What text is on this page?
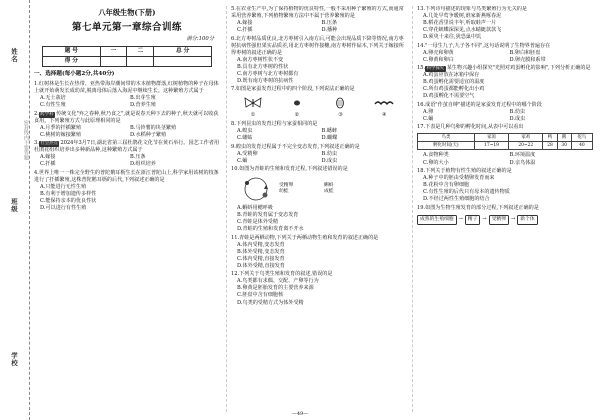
姓名
班级
学校
密封线内不要答题
八年级生物(下册)
第七单元第一章综合训练
满分:100分
题 号	一	二	总 分
得 分			
一、选择题(每小题2分,共40分)
1.红树林是生长在热带、亚热带海岸潮间带的木本植物群落,红树植物的种子在母体上就开始萌发长成幼苗,脱离母体后落入海泥中继续生长。这种繁殖方式属于
A.无土栽培	B.出芽生殖
C.有性生殖	D.营养生殖
2. 跨学科 传统文化"弃之春种,秋乃食之",就是说春天种下去的种子,秋天就可以收获食用。下列繁殖方式与此原理相同的是
A.月季的扦插繁殖	B.马铃薯的块茎繁殖
C.桃树的嫁接繁殖	D.水稻种子繁殖
3. 社会热点 2024年3月7日,湖北省第三届杜鹃花文化节在黄石举行。园艺工作者用杜鹃花组织培养出多种新品种,这种繁殖方式属于
A.嫁接	B.压条
C.扦插	D.组织培养
4.世界上唯一一株完全野生的普陀鹅耳枥生长在浙江普陀山上,科学家用该树的枝条进行了扦插繁殖,这株普陀鹅耳枥的后代,下列叙述正确的是
A.只能进行无性生殖
B.有利于增加遗传多样性
C.能保持亲本的优良性状
D.可以进行有性生殖
5.在农业生产中,为了保持植物的优良特性,一般不采用种子繁殖的方式,而通常采用营养繁殖,下列植物繁殖方法中不属于营养繁殖的是
A.嫁接	B.压条
C.扦插	D.播种
6.北方枣树品质优良,北方枣树引入南方后,可能会出现品质下降等情况,南方枣树抗病性强但果实品质差,用北方枣树作接穗,南方枣树作砧木,下列关于嫁接所得枣树的叙述正确的是
A.南方枣树性状不变
B.具有北方枣树的性状
C.南方枣树与北方枣树都有
D.既有南方枣树的抗病性
7.如图是家蚕发育过程中的四个阶段,下列说法正确的是
①	②	③	④
8.下列昆虫的发育过程与家蚕相同的是
A.蝗虫	B.蟋蟀
C.蝼蛄	D.蝴蝶
9.蝗虫的发育过程属于不完全变态发育,下列叙述正确的是
A.受精卵	B.幼虫
C.蛹	D.成虫
10.如图为青蛙的生殖和发育过程,下列叙述错误的是
受精卵	蝌蚪
幼蛙	成蛙
A.蝌蚪用鳃呼吸
B.青蛙的发育属于变态发育
C.青蛙是体外受精
D.青蛙的生殖和发育离不开水
11.青蛙是两栖动物,下列关于两栖动物生殖和发育的叙述正确的是
A.体内受精,变态发育
B.体外受精,变态发育
C.体内受精,直接发育
D.体外受精,直接发育
12.下列关于鸟类生殖和发育的叙述,错误的是
A.鸟类都有求偶、交配、产卵等行为
B.卵黄是胚胎发育的主要营养来源
C.胚盘中含有细胞核
D.鸟类的受精方式为体外受精
13.下列诗句描述的现象与鸟类繁殖行为无关的是
A.几处早莺争暖树,谁家新燕啄春泥
B.稻花香里说丰年,听取蛙声一片
C.穿花蛱蝶深深见,点水蜻蜓款款飞
D.须臾十来往,犹恐巢中饥
14."一母生九子,九子各不同",这句话说明了生物界普遍存在
A.卵壳和卵黄	B.卵白和胚盘
C.卵黄和卵白	D.卵壳膜和系带
15. 科学探究 某生物兴趣小组探究"光照对鸡蛋孵化的影响",下列分析正确的是
A.鸡蛋应放在冰箱中保存
B.鸡蛋孵化需要适宜的温度
C.所有鸡蛋都能孵化出小鸡
D.鸡蛋孵化不需要空气
16.成语"作茧自缚"描述的是家蚕发育过程中的哪个阶段
A.卵	B.幼虫
C.蛹	D.成虫
17.下表是几种鸟卵的孵化时间,从表中可以看出
鸟类	家鸽	家鸡	鸭	鹅	鸵鸟
孵化时间(天)	17~19	20~22	28	30	40
A.食物种类	B.环境温度
C.卵的大小	D.亲鸟体温
18.下列关于植物有性生殖的叙述正确的是
A.种子中的胚由受精卵发育而来
B.花粉中含有卵细胞
C.有性生殖的后代只有母本的遗传物质
D.不经过两性生殖细胞的结合
19.如图为生物生殖发育的部分过程,下列叙述正确的是
成熟的生殖细胞	→	精子	→	受精卵	→	新个体
—49—
